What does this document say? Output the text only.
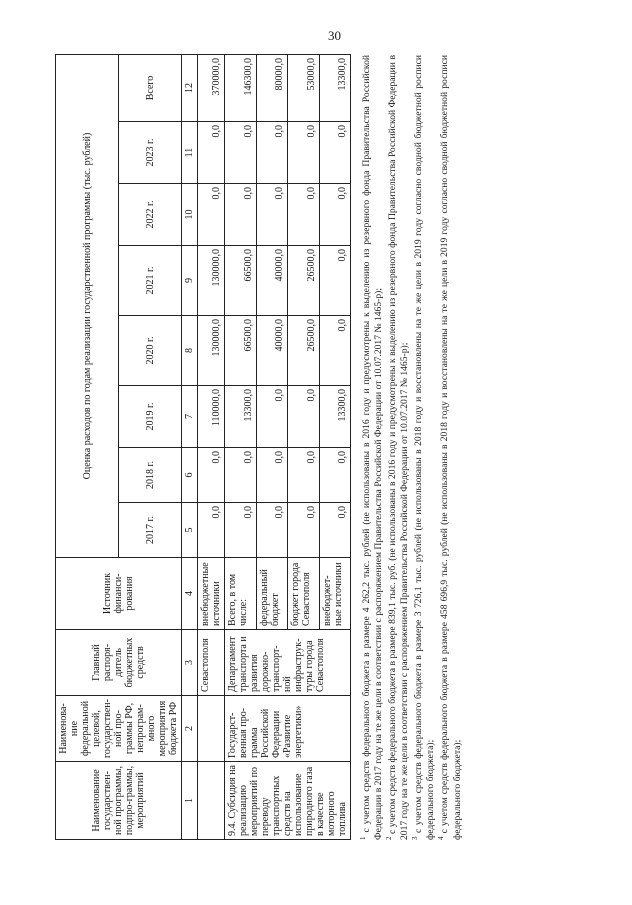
30
Наименование государствен-ной программы, подпро-граммы, мероприятий	Наименова-ние федеральной целевой, государствен-ной про-граммы РФ, непрограм-много мероприятия бюджета РФ	Главный распоря-дитель бюджетных средств	Источник финанси-рования	Оценка расходов по годам реализации государственной программы (тыс. рублей)							
				2017 г.	2018 г.	2019 г.	2020 г.	2021 г.	2022 г.	2023 г.	Всего
1	2	3	4	5	6	7	8	9	10	11	12
		Севастополя	внебюджетные источники	0,0	0,0	110000,0	130000,0	130000,0	0,0	0,0	370000,0
9.4. Субсидия на реализацию мероприятий по переводу транспортных средств на использование природного газа в качестве моторного топлива	Государст-венная про-грамма Российской Федерации «Развитие энергетики»	Департамент транспорта и развития дорожно-транспорт-ной инфраструк-туры города Севастополя	Всего, в том числе:	0,0	0,0	13300,0	66500,0	66500,0	0,0	0,0	146300,0
			федеральный бюджет	0,0	0,0	0,0	40000,0	40000,0	0,0	0,0	80000,0
			бюджет города Севастополя	0,0	0,0	0,0	26500,0	26500,0	0,0	0,0	53000,0
			внебюджет-ные источники	0,0	0,0	13300,0	0,0	0,0	0,0	0,0	13300,0

$^1$ с учетом средств федерального бюджета в размере 4 262,2 тыс. рублей (не использованы в 2016 году и предусмотрены к выделению из резервного фонда Правительства Российской Федерации в 2017 году на те же цели в соответствии с распоряжением Правительства Российской Федерации от 10.07.2017 № 1465-р); $^2$ с учетом средств федерального бюджета в размере 839,1 тыс. руб. (не использованы в 2016 году и предусмотрены к выделению из резервного фонда Правительства Российской Федерации в 2017 году на те же цели в соответствии с распоряжением Правительства Российской Федерации от 10.07.2017 № 1465-р); $^3$ с учетом средств федерального бюджета в размере 3 726,1 тыс. рублей (не использованы в 2018 году и восстановлены на те же цели в 2019 году согласно сводной бюджетной росписи федерального бюджета); $^4$ с учетом средств федерального бюджета в размере 458 696,9 тыс. рублей (не использованы в 2018 году и восстановлены на те же цели в 2019 году согласно сводной бюджетной росписи федерального бюджета);
